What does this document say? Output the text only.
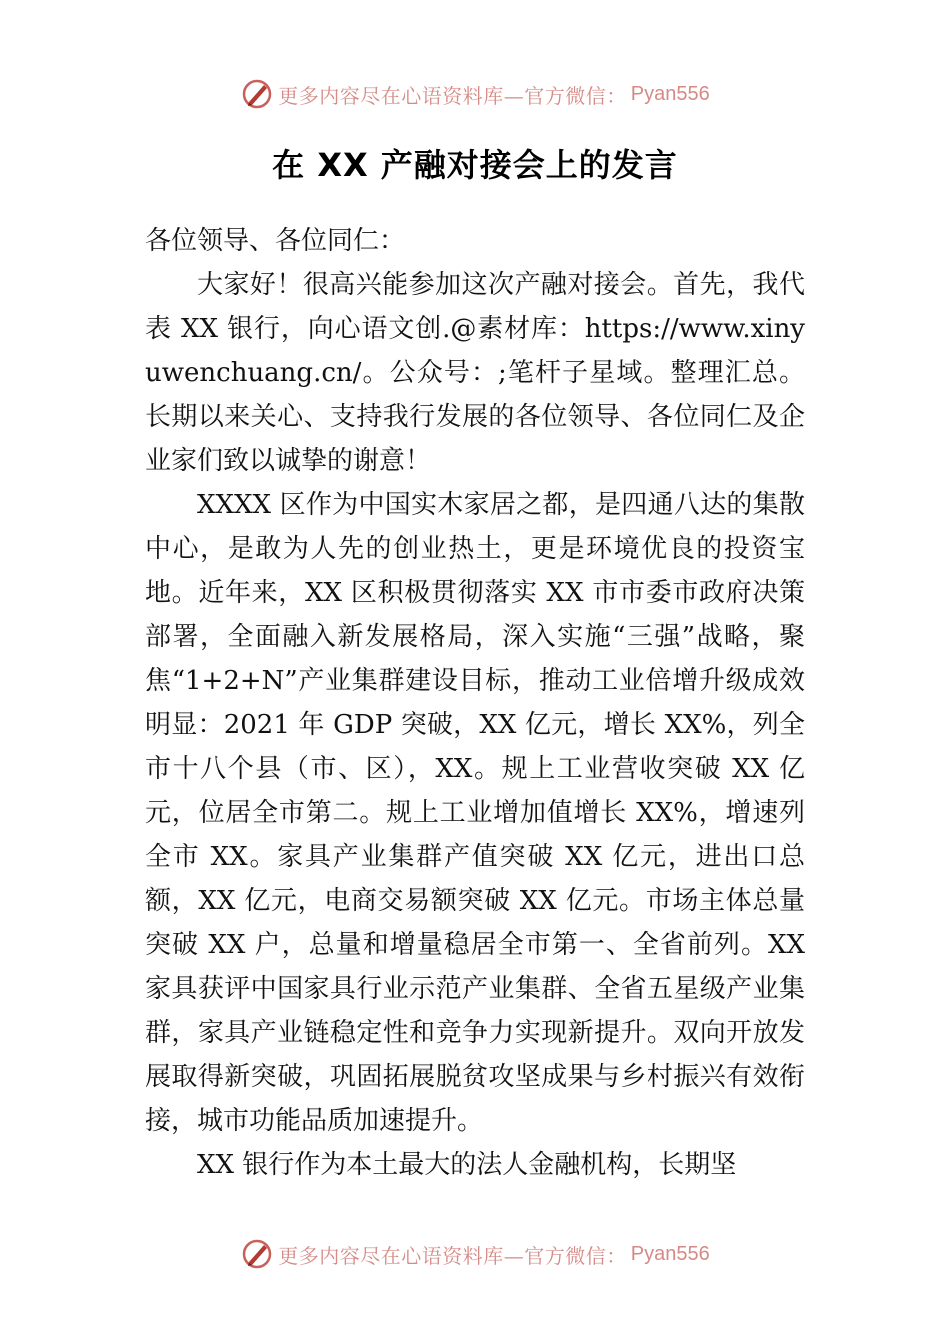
更多内容尽在心语资料库—官方微信： Pyan556
在 XX 产融对接会上的发言

各位领导、各位同仁：

大家好！很高兴能参加这次产融对接会。首先，我代表 XX 银行，向心语文创.@素材库：https://www.xinyuwenchuang.cn/。公众号：;笔杆子星域。整理汇总。长期以来关心、支持我行发展的各位领导、各位同仁及企业家们致以诚挚的谢意！

XXXX 区作为中国实木家居之都，是四通八达的集散中心，是敢为人先的创业热土，更是环境优良的投资宝地。近年来，XX 区积极贯彻落实 XX 市市委市政府决策部署，全面融入新发展格局，深入实施“三强”战略，聚焦“1+2+N”产业集群建设目标，推动工业倍增升级成效明显：2021 年 GDP 突破，XX 亿元，增长 XX%，列全市十八个县（市、区），XX。规上工业营收突破 XX 亿元，位居全市第二。规上工业增加值增长 XX%，增速列全市 XX。家具产业集群产值突破 XX 亿元，进出口总额，XX 亿元，电商交易额突破 XX 亿元。市场主体总量突破 XX 户，总量和增量稳居全市第一、全省前列。XX 家具获评中国家具行业示范产业集群、全省五星级产业集群，家具产业链稳定性和竞争力实现新提升。双向开放发展取得新突破，巩固拓展脱贫攻坚成果与乡村振兴有效衔接，城市功能品质加速提升。

XX 银行作为本土最大的法人金融机构，长期坚

更多内容尽在心语资料库—官方微信： Pyan556
